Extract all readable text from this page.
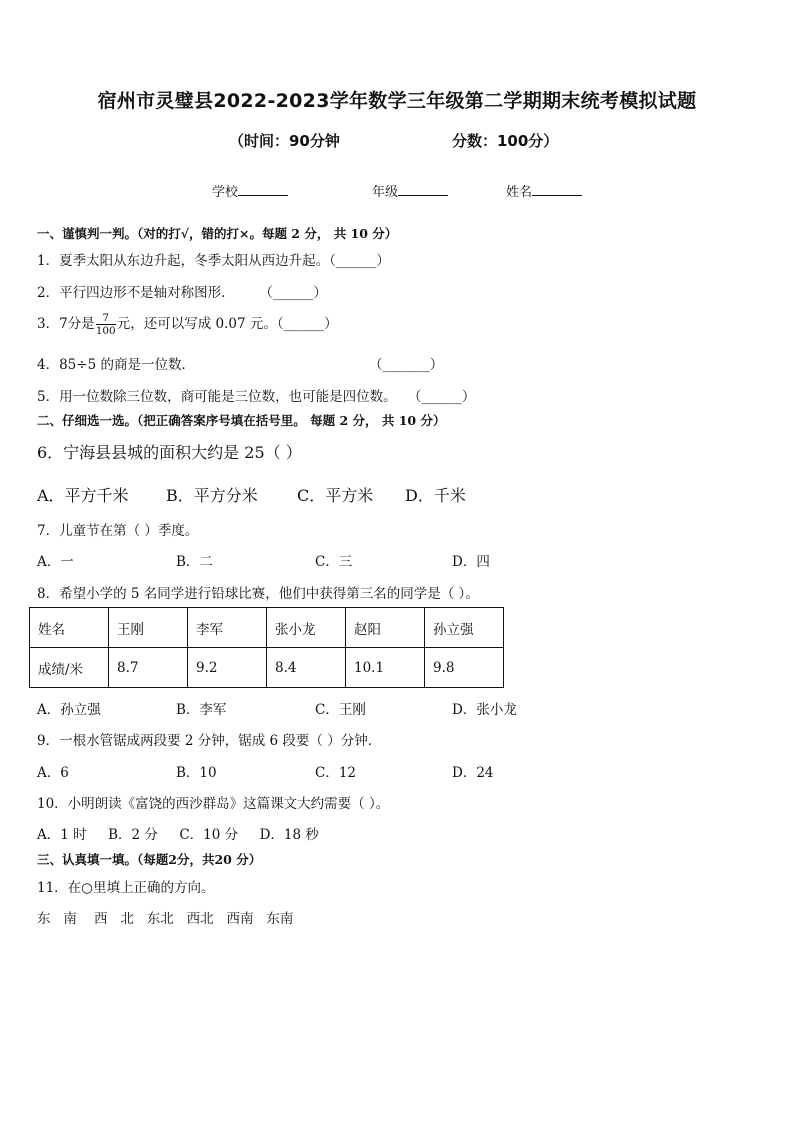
宿州市灵璧县2022-2023学年数学三年级第二学期期末统考模拟试题
（时间：90分钟	分数：100分）
学校	年级	姓名
一、谨慎判一判。（对的打√，错的打×。每题 2 分， 共 10 分）
1．夏季太阳从东边升起，冬季太阳从西边升起。（______）
2．平行四边形不是轴对称图形.	（______）
3．7分是 $\frac{7}{100}$ 元，还可以写成 0.07 元。（______）
4．85÷5 的商是一位数．	（_______）
5．用一位数除三位数，商可能是三位数，也可能是四位数。 （______）
二、仔细选一选。（把正确答案序号填在括号里。 每题 2 分， 共 10 分）
6．宁海县县城的面积大约是 25（ ）
A．平方千米 B．平方分米 C．平方米 D．千米
7．儿童节在第（ ）季度。
A．一	B．二	C．三	D．四
8．希望小学的 5 名同学进行铅球比赛，他们中获得第三名的同学是（ ）。
姓名	王刚	李军	张小龙	赵阳	孙立强
成绩/米	8.7	9.2	8.4	10.1	9.8
A．孙立强	B．李军	C．王刚	D．张小龙
9．一根水管锯成两段要 2 分钟，锯成 6 段要（ ）分钟．
A．6	B．10	C．12	D．24
10．小明朗读《富饶的西沙群岛》这篇课文大约需要（ ）。
A．1 时     B．2 分     C．10 分     D．18 秒
三、认真填一填。（每题2分，共20 分）
11．在○里填上正确的方向。
东   南    西   北   东北   西北   西南   东南
